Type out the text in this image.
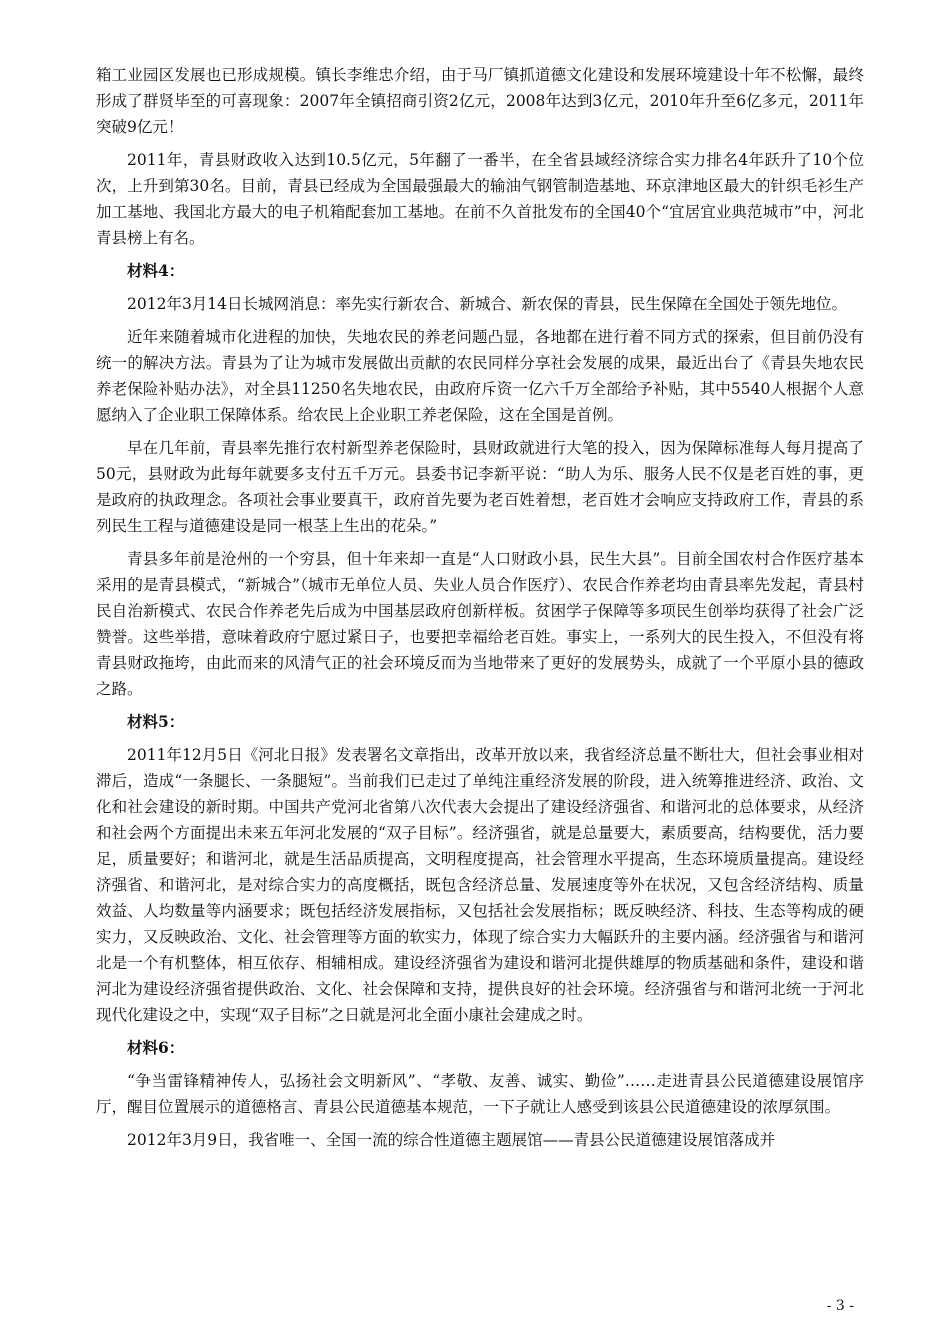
箱工业园区发展也已形成规模。镇长李维忠介绍，由于马厂镇抓道德文化建设和发展环境建设十年不松懈，最终形成了群贤毕至的可喜现象：2007年全镇招商引资2亿元，2008年达到3亿元，2010年升至6亿多元，2011年突破9亿元！

2011年，青县财政收入达到10.5亿元，5年翻了一番半，在全省县域经济综合实力排名4年跃升了10个位次，上升到第30名。目前，青县已经成为全国最强最大的输油气钢管制造基地、环京津地区最大的针织毛衫生产加工基地、我国北方最大的电子机箱配套加工基地。在前不久首批发布的全国40个“宜居宜业典范城市”中，河北青县榜上有名。

材料4：

2012年3月14日长城网消息：率先实行新农合、新城合、新农保的青县，民生保障在全国处于领先地位。

近年来随着城市化进程的加快，失地农民的养老问题凸显，各地都在进行着不同方式的探索，但目前仍没有统一的解决方法。青县为了让为城市发展做出贡献的农民同样分享社会发展的成果，最近出台了《青县失地农民养老保险补贴办法》，对全县11250名失地农民，由政府斥资一亿六千万全部给予补贴，其中5540人根据个人意愿纳入了企业职工保障体系。给农民上企业职工养老保险，这在全国是首例。

早在几年前，青县率先推行农村新型养老保险时，县财政就进行大笔的投入，因为保障标准每人每月提高了50元，县财政为此每年就要多支付五千万元。县委书记李新平说：“助人为乐、服务人民不仅是老百姓的事，更是政府的执政理念。各项社会事业要真干，政府首先要为老百姓着想，老百姓才会响应支持政府工作，青县的系列民生工程与道德建设是同一根茎上生出的花朵。”

青县多年前是沧州的一个穷县，但十年来却一直是“人口财政小县，民生大县”。目前全国农村合作医疗基本采用的是青县模式，“新城合”（城市无单位人员、失业人员合作医疗）、农民合作养老均由青县率先发起，青县村民自治新模式、农民合作养老先后成为中国基层政府创新样板。贫困学子保障等多项民生创举均获得了社会广泛赞誉。这些举措，意味着政府宁愿过紧日子，也要把幸福给老百姓。事实上，一系列大的民生投入，不但没有将青县财政拖垮，由此而来的风清气正的社会环境反而为当地带来了更好的发展势头，成就了一个平原小县的德政之路。

材料5：

2011年12月5日《河北日报》发表署名文章指出，改革开放以来，我省经济总量不断壮大，但社会事业相对滞后，造成“一条腿长、一条腿短”。当前我们已走过了单纯注重经济发展的阶段，进入统筹推进经济、政治、文化和社会建设的新时期。中国共产党河北省第八次代表大会提出了建设经济强省、和谐河北的总体要求，从经济和社会两个方面提出未来五年河北发展的“双子目标”。经济强省，就是总量要大，素质要高，结构要优，活力要足，质量要好；和谐河北，就是生活品质提高，文明程度提高，社会管理水平提高，生态环境质量提高。建设经济强省、和谐河北，是对综合实力的高度概括，既包含经济总量、发展速度等外在状况，又包含经济结构、质量效益、人均数量等内涵要求；既包括经济发展指标，又包括社会发展指标；既反映经济、科技、生态等构成的硬实力，又反映政治、文化、社会管理等方面的软实力，体现了综合实力大幅跃升的主要内涵。经济强省与和谐河北是一个有机整体，相互依存、相辅相成。建设经济强省为建设和谐河北提供雄厚的物质基础和条件，建设和谐河北为建设经济强省提供政治、文化、社会保障和支持，提供良好的社会环境。经济强省与和谐河北统一于河北现代化建设之中，实现“双子目标”之日就是河北全面小康社会建成之时。

材料6：

“争当雷锋精神传人，弘扬社会文明新风”、“孝敬、友善、诚实、勤俭”……走进青县公民道德建设展馆序厅，醒目位置展示的道德格言、青县公民道德基本规范，一下子就让人感受到该县公民道德建设的浓厚氛围。

2012年3月9日，我省唯一、全国一流的综合性道德主题展馆——青县公民道德建设展馆落成并

- 3 -
